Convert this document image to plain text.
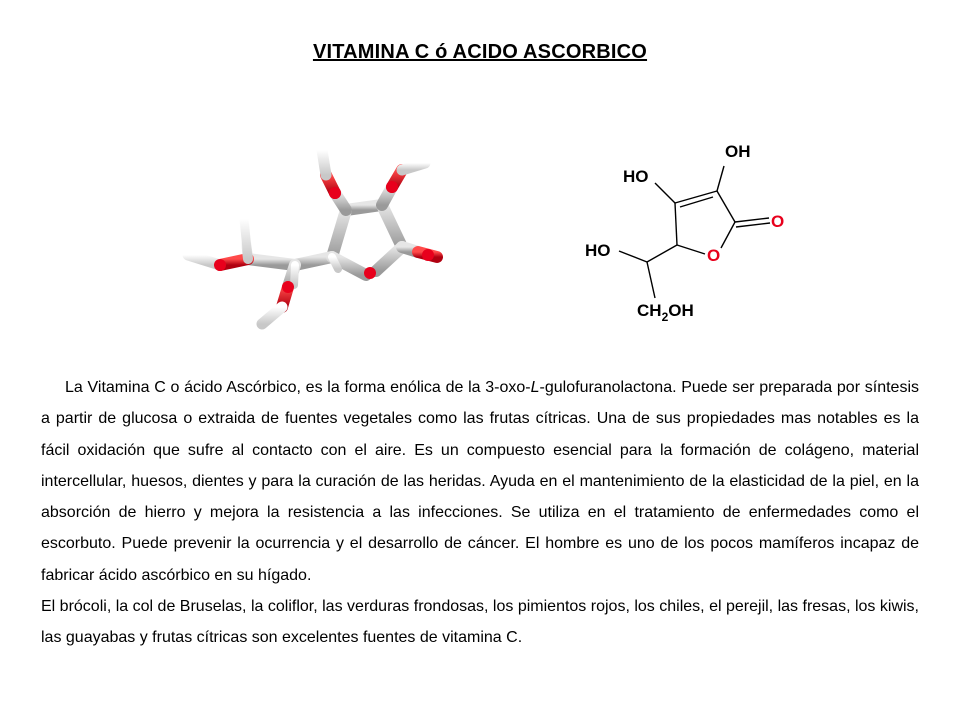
VITAMINA C ó ACIDO ASCORBICO
OH
HO
O
O
HO
$CH_2OH$

La Vitamina C o ácido Ascórbico, es la forma enólica de la 3-oxo-L-gulofuranolactona. Puede ser preparada por síntesis a partir de glucosa o extraida de fuentes vegetales como las frutas cítricas. Una de sus propiedades mas notables es la fácil oxidación que sufre al contacto con el aire. Es un compuesto esencial para la formación de colágeno, material intercellular, huesos, dientes y para la curación de las heridas. Ayuda en el mantenimiento de la elasticidad de la piel, en la absorción de hierro y mejora la resistencia a las infecciones. Se utiliza en el tratamiento de enfermedades como el escorbuto. Puede prevenir la ocurrencia y el desarrollo de cáncer. El hombre es uno de los pocos mamíferos incapaz de fabricar ácido ascórbico en su hígado.

El brócoli, la col de Bruselas, la coliflor, las verduras frondosas, los pimientos rojos, los chiles, el perejil, las fresas, los kiwis, las guayabas y frutas cítricas son excelentes fuentes de vitamina C.
